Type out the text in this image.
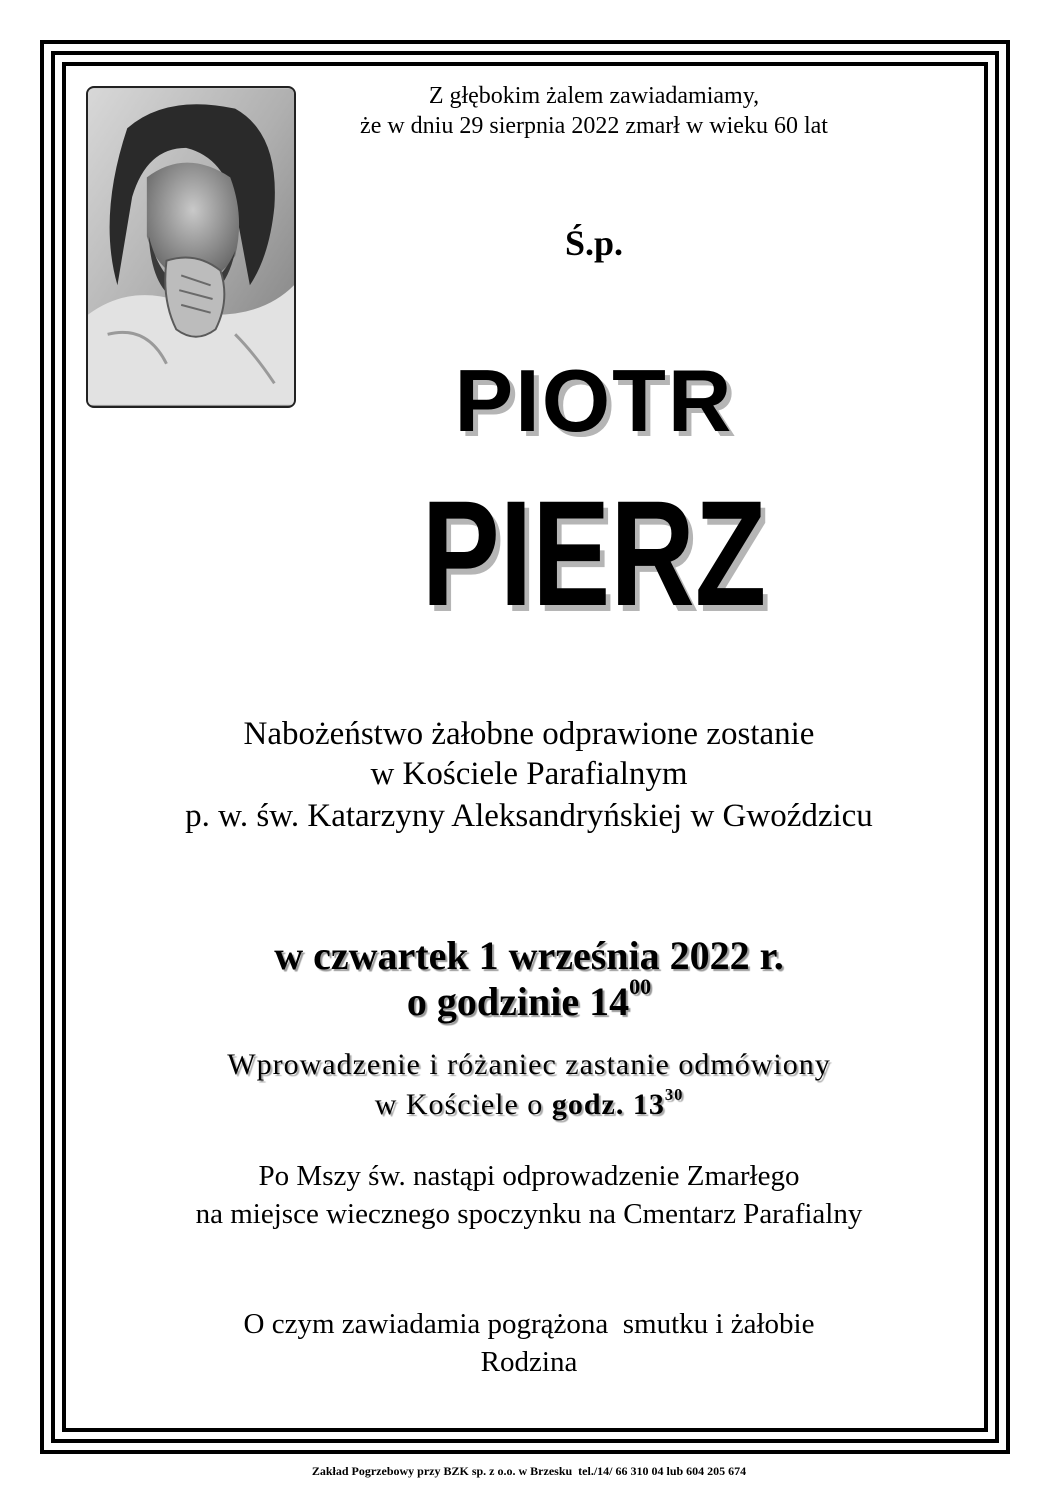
Z głębokim żalem zawiadamiamy,
że w dniu 29 sierpnia 2022 zmarł w wieku 60 lat
Ś.p.
PIOTR
PIERZ
Nabożeństwo żałobne odprawione zostanie
w Kościele Parafialnym
p. w. św. Katarzyny Aleksandryńskiej w Gwoździcu
w czwartek 1 września 2022 r.
o godzinie $14^{00}$
Wprowadzenie i różaniec zastanie odmówiony
w Kościele o godz. $13^{30}$
Po Mszy św. nastąpi odprowadzenie Zmarłego
na miejsce wiecznego spoczynku na Cmentarz Parafialny
O czym zawiadamia pogrążona  smutku i żałobie
Rodzina
Zakład Pogrzebowy przy BZK sp. z o.o. w Brzesku  tel./14/ 66 310 04 lub 604 205 674
